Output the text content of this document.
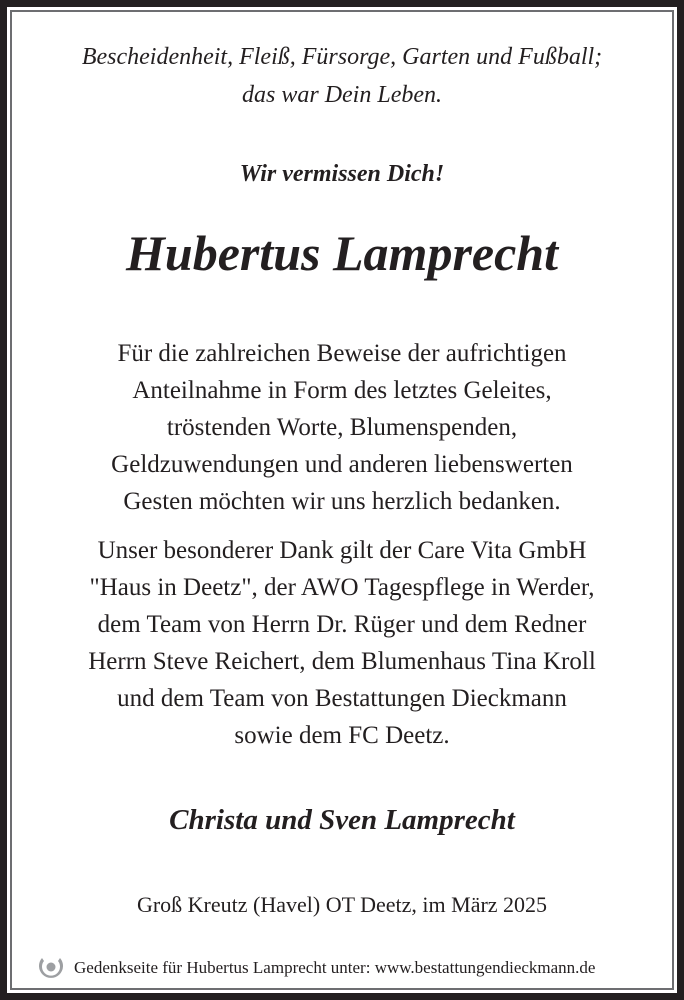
Bescheidenheit, Fleiß, Fürsorge, Garten und Fußball;
das war Dein Leben.
Wir vermissen Dich!
Hubertus Lamprecht
Für die zahlreichen Beweise der aufrichtigen
Anteilnahme in Form des letztes Geleites,
tröstenden Worte, Blumenspenden,
Geldzuwendungen und anderen liebenswerten
Gesten möchten wir uns herzlich bedanken.
Unser besonderer Dank gilt der Care Vita GmbH
"Haus in Deetz", der AWO Tagespflege in Werder,
dem Team von Herrn Dr. Rüger und dem Redner
Herrn Steve Reichert, dem Blumenhaus Tina Kroll
und dem Team von Bestattungen Dieckmann
sowie dem FC Deetz.
Christa und Sven Lamprecht
Groß Kreutz (Havel) OT Deetz, im März 2025
Gedenkseite für Hubertus Lamprecht unter: www.bestattungendieckmann.de
